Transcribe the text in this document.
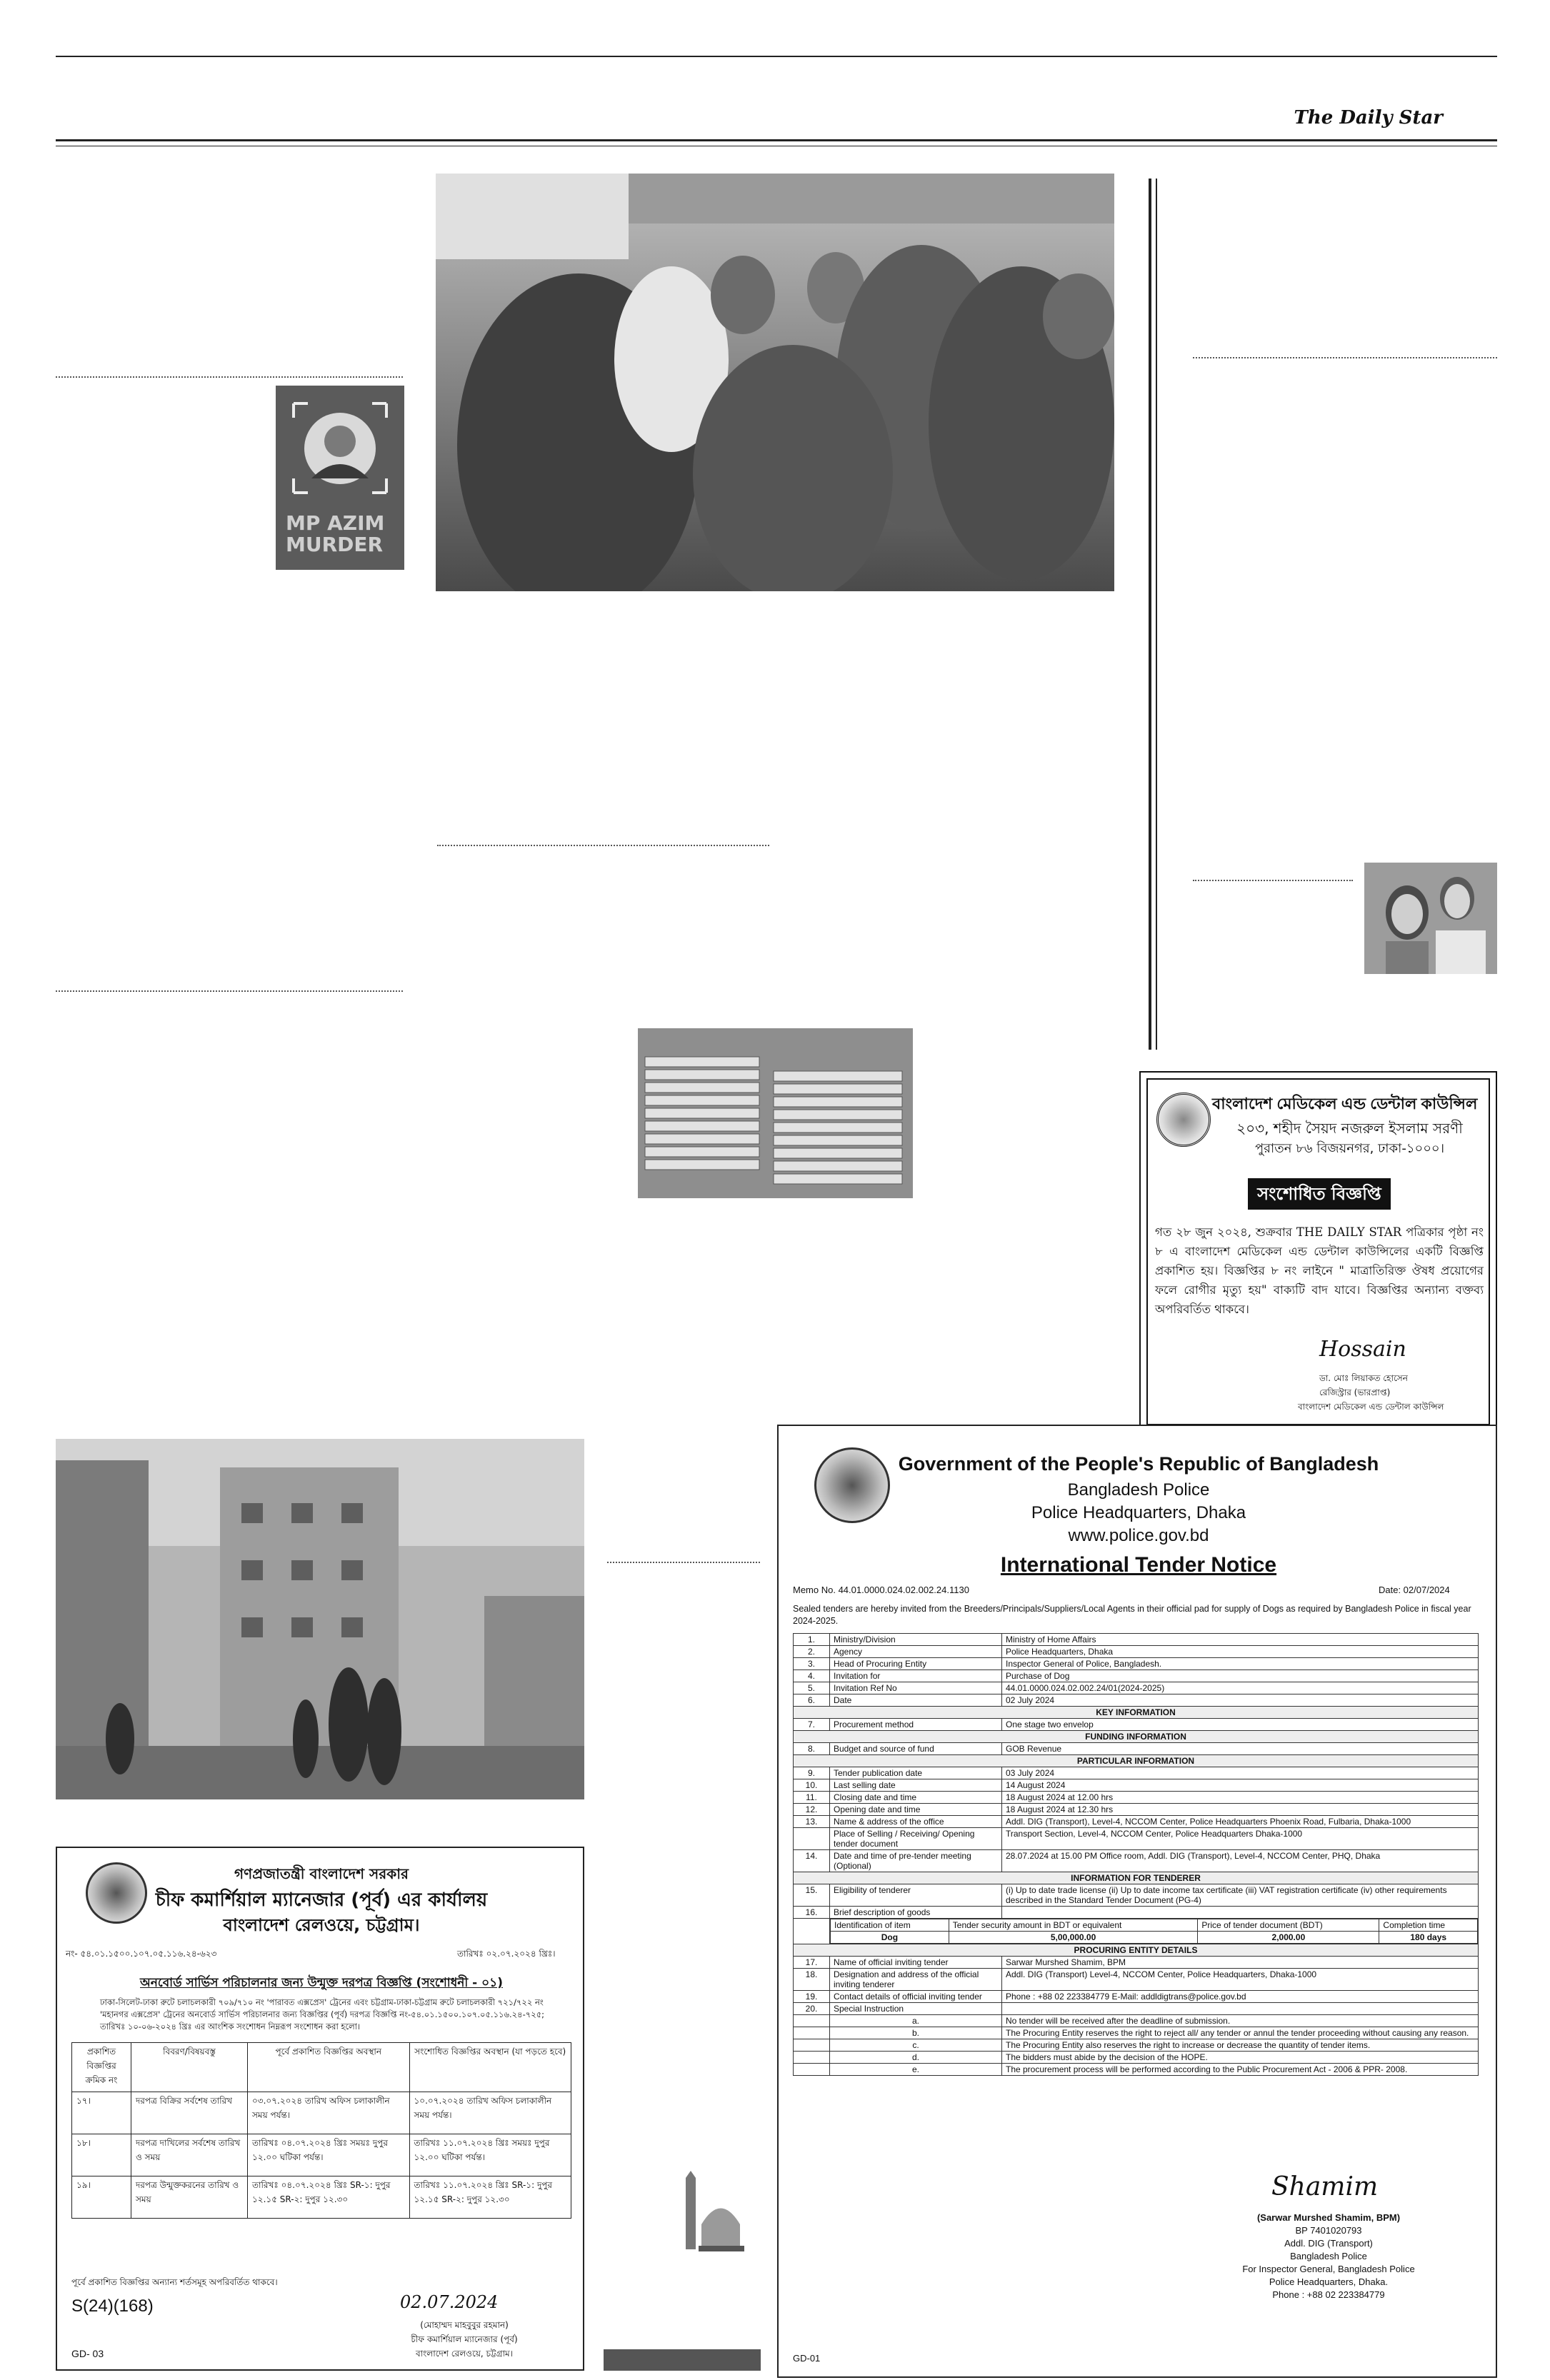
The Daily Star
MP AZIM MURDER
বাংলাদেশ মেডিকেল এন্ড ডেন্টাল কাউন্সিল
২০৩, শহীদ সৈয়দ নজরুল ইসলাম সরণী
পুরাতন ৮৬ বিজয়নগর, ঢাকা-১০০০।
সংশোধিত বিজ্ঞপ্তি
গত ২৮ জুন ২০২৪, শুক্রবার THE DAILY STAR পত্রিকার পৃষ্ঠা নং ৮ এ বাংলাদেশ মেডিকেল এন্ড ডেন্টাল কাউন্সিলের একটি বিজ্ঞপ্তি প্রকাশিত হয়। বিজ্ঞপ্তির ৮ নং লাইনে " মাত্রাতিরিক্ত ঔষধ প্রয়োগের ফলে রোগীর মৃত্যু হয়" বাক্যটি বাদ যাবে। বিজ্ঞপ্তির অন্যান্য বক্তব্য অপরিবর্তিত থাকবে।
Hossain
ডা. মোঃ লিয়াকত হোসেন
রেজিস্ট্রার (ভারপ্রাপ্ত)
বাংলাদেশ মেডিকেল এন্ড ডেন্টাল কাউন্সিল
Government of the People's Republic of Bangladesh
Bangladesh Police
Police Headquarters, Dhaka
www.police.gov.bd
International Tender Notice
Memo No. 44.01.0000.024.02.002.24.1130	Date: 02/07/2024
Sealed tenders are hereby invited from the Breeders/Principals/Suppliers/Local Agents in their official pad for supply of Dogs as required by Bangladesh Police in fiscal year 2024-2025.
1.	Ministry/Division	Ministry of Home Affairs
2.	Agency	Police Headquarters, Dhaka
3.	Head of Procuring Entity	Inspector General of Police, Bangladesh.
4.	Invitation for	Purchase of Dog
5.	Invitation Ref No	44.01.0000.024.02.002.24/01(2024-2025)
6.	Date	02 July 2024
KEY INFORMATION
7.	Procurement method	One stage two envelop
FUNDING INFORMATION
8.	Budget and source of fund	GOB Revenue
PARTICULAR INFORMATION
9.	Tender publication date	03 July 2024
10.	Last selling date	14 August 2024
11.	Closing date and time	18 August 2024 at 12.00 hrs
12.	Opening date and time	18 August 2024 at 12.30 hrs
13.	Name & address of the office	Addl. DIG (Transport), Level-4, NCCOM Center, Police Headquarters Phoenix Road, Fulbaria, Dhaka-1000
	Place of Selling / Receiving/ Opening tender document	Transport Section, Level-4, NCCOM Center, Police Headquarters Dhaka-1000
14.	Date and time of pre-tender meeting (Optional)	28.07.2024 at 15.00 PM Office room, Addl. DIG (Transport), Level-4, NCCOM Center, PHQ, Dhaka
INFORMATION FOR TENDERER
15.	Eligibility of tenderer	(i) Up to date trade license (ii) Up to date income tax certificate (iii) VAT registration certificate (iv) other requirements described in the Standard Tender Document (PG-4)
16.	Brief description of goods	

Identification of item	Tender security amount in BDT or equivalent	Price of tender document (BDT)	Completion time
Dog	5,00,000.00	2,000.00	180 days

PROCURING ENTITY DETAILS
17.	Name of official inviting tender	Sarwar Murshed Shamim, BPM
18.	Designation and address of the official inviting tenderer	Addl. DIG (Transport) Level-4, NCCOM Center, Police Headquarters, Dhaka-1000
19.	Contact details of official inviting tender	Phone : +88 02 223384779 E-Mail: addldigtrans@police.gov.bd
20.	Special Instruction	
	a.	No tender will be received after the deadline of submission.
	b.	The Procuring Entity reserves the right to reject all/ any tender or annul the tender proceeding without causing any reason.
	c.	The Procuring Entity also reserves the right to increase or decrease the quantity of tender items.
	d.	The bidders must abide by the decision of the HOPE.
	e.	The procurement process will be performed according to the Public Procurement Act - 2006 & PPR- 2008.
Shamim
(Sarwar Murshed Shamim, BPM)
BP 7401020793
Addl. DIG (Transport)
Bangladesh Police
For Inspector General, Bangladesh Police
Police Headquarters, Dhaka.
Phone : +88 02 223384779
GD-01
গণপ্রজাতন্ত্রী বাংলাদেশ সরকার
চীফ কমার্শিয়াল ম্যানেজার (পূর্ব) এর কার্যালয়
বাংলাদেশ রেলওয়ে, চট্টগ্রাম।
নং- ৫৪.০১.১৫০০.১০৭.০৫.১১৬.২৪-৬২৩	তারিখঃ ০২.০৭.২০২৪ খ্রিঃ।
অনবোর্ড সার্ভিস পরিচালনার জন্য উন্মুক্ত দরপত্র বিজ্ঞপ্তি (সংশোধনী - ০১)
ঢাকা-সিলেট-ঢাকা রুটে চলাচলকারী ৭০৯/৭১০ নং 'পারাবত এক্সপ্রেস' ট্রেনের এবং চট্টগ্রাম-ঢাকা-চট্টগ্রাম রুটে চলাচলকারী ৭২১/৭২২ নং 'মহানগর এক্সপ্রেস' ট্রেনের অনবোর্ড সার্ভিস পরিচালনার জন্য বিজ্ঞপ্তির (পূর্ব) দরপত্র বিজ্ঞপ্তি নং-৫৪.০১.১৫০০.১০৭.০৫.১১৬.২৪-৭২৫; তারিখঃ ১০-০৬-২০২৪ খ্রিঃ এর আংশিক সংশোধন নিম্নরূপ সংশোধন করা হলো।
প্রকাশিত বিজ্ঞপ্তির ক্রমিক নং	বিবরণ/বিষয়বস্তু	পূর্বে প্রকাশিত বিজ্ঞপ্তির অবস্থান	সংশোধিত বিজ্ঞপ্তির অবস্থান (যা পড়তে হবে)
১৭।	দরপত্র বিক্রির সর্বশেষ তারিখ	০৩.০৭.২০২৪ তারিখ অফিস চলাকালীন সময় পর্যন্ত।	১০.০৭.২০২৪ তারিখ অফিস চলাকালীন সময় পর্যন্ত।
১৮।	দরপত্র দাখিলের সর্বশেষ তারিখ ও সময়	তারিখঃ ০৪.০৭.২০২৪ খ্রিঃ সময়ঃ দুপুর ১২.০০ ঘটিকা পর্যন্ত।	তারিখঃ ১১.০৭.২০২৪ খ্রিঃ সময়ঃ দুপুর ১২.০০ ঘটিকা পর্যন্ত।
১৯।	দরপত্র উন্মুক্তকরনের তারিখ ও সময়	তারিখঃ ০৪.০৭.২০২৪ খ্রিঃ SR-১: দুপুর ১২.১৫ SR-২: দুপুর ১২.৩০	তারিখঃ ১১.০৭.২০২৪ খ্রিঃ SR-১: দুপুর ১২.১৫ SR-২: দুপুর ১২.৩০
পূর্বে প্রকাশিত বিজ্ঞপ্তির অন্যান্য শর্তসমূহ অপরিবর্তিত থাকবে।
S(24)(168)	02.07.2024
(মোহাম্মদ মাহবুবুর রহমান)
চীফ কমার্শিয়াল ম্যানেজার (পূর্ব)
বাংলাদেশ রেলওয়ে, চট্টগ্রাম।
GD- 03
